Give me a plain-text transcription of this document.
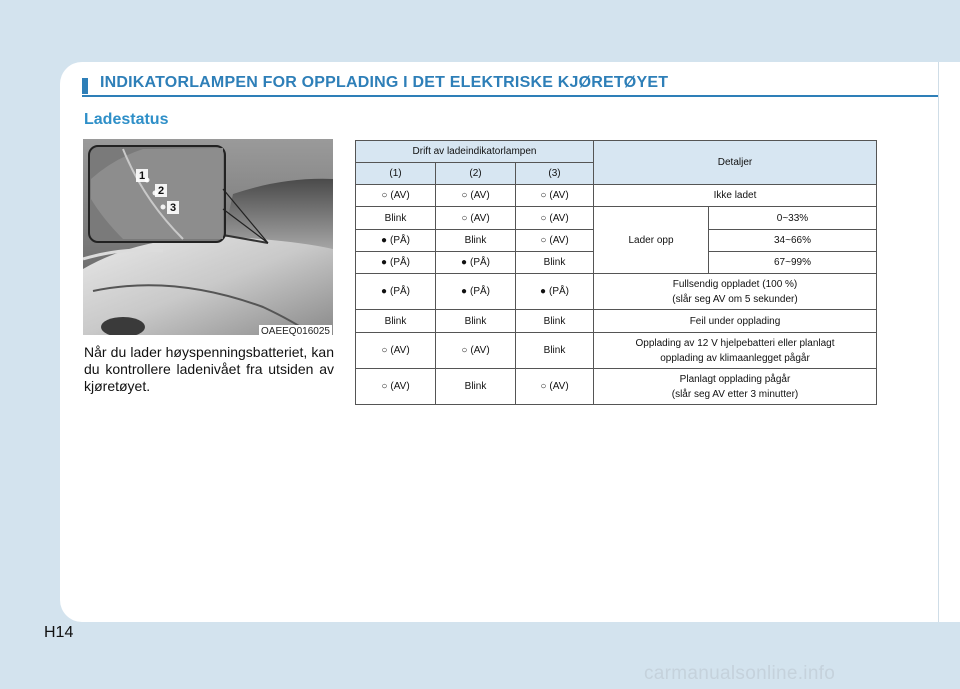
INDIKATORLAMPEN FOR OPPLADING I DET ELEKTRISKE KJØRETØYET
Ladestatus
1
2
3
OAEEQ016025
Når du lader høyspenningsbatteriet, kan du kontrollere ladenivået fra utsiden av kjøretøyet.
Drift av ladeindikatorlampen			Detaljer	
(1)	(2)	(3)		
○ (AV)	○ (AV)	○ (AV)	Ikke ladet	
Blink	○ (AV)	○ (AV)	Lader opp	0~33%
● (PÅ)	Blink	○ (AV)		34~66%
● (PÅ)	● (PÅ)	Blink		67~99%
● (PÅ)	● (PÅ)	● (PÅ)	Fullsendig oppladet (100 %)
(slår seg AV om 5 sekunder)	

Blink	Blink	Blink	Feil under opplading	
○ (AV)	○ (AV)	Blink	Opplading av 12 V hjelpebatteri eller planlagt
opplading av klimaanlegget pågår	

○ (AV)	Blink	○ (AV)	Planlagt opplading pågår
(slår seg AV etter 3 minutter)	
H14
carmanualsonline.info
